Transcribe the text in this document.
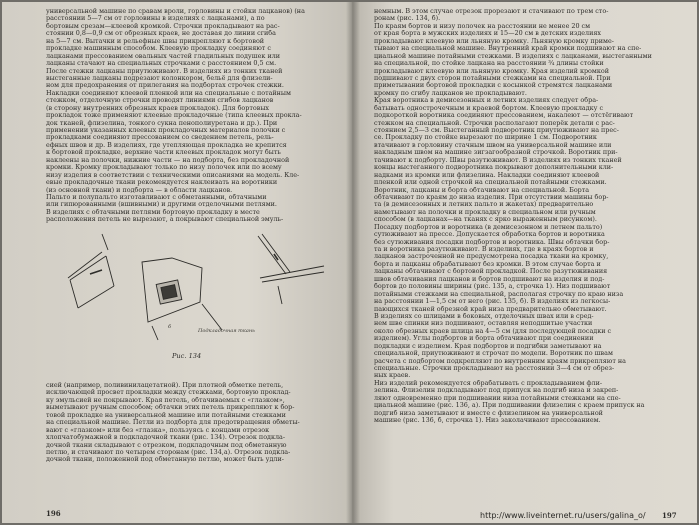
универсальной машине по сравам вроли, горловины и стойки лацканов) (на
расстоянии 5—7 см от горловины в изделиях с лацканами), а по
бортовым срезам—клеевой кромкой. Строчки прокладывают на рас-
стоянии 0,8—0,9 см от обрезных краев, не доставая до линии сгиба
на 5—7 см. Вытачки и рельефные швы прикрепляют к бортовой
прокладке машинным способом. Клеевую прокладку соединяют с
лацканами прессованием овальных частей гладильных подушек или
лацканы стачают на специальных строчками с расстоянием 0,5 см.
После стежки лацканы приутюживают. В изделиях из тонких тканей
выстеганные лацканы подрезают колонкором, бельё для флизели-
ном для предохранения от прилегания на подбортах строчек стежки.
Накладки соединяют клеевой пленкой или на специальные с потайным
стежком, отделочную строчки проводят линиями сгибов лацканов
(в сторону внутренних обрезных краев прокладок). Для бортовых
прокладок тоже применяют клеевые прокладочные (типа клеевых прокла-
док тканей, флизелина, тонкого сукна пенополиуретана и др.). При
применении указанных клеевых прокладочных материалов полочки с
прокладками соединяют прессованием со сведением петель, рель-
ефных швов и др. В изделиях, где утепляющая прокладка не крепится
к бортовой прокладке, верхние части клеевых прокладок могут быть
наклеены на полочки, нижние части — на подборта, без прокладочной
кромки. Кромку прокладывают только по низу полочек или по всему
низу изделия в соответствии с техническими описаниями на модель. Кле-
евые прокладочные ткани рекомендуется наклеивать на воротники
(из основной ткани) и подборта — в области лацканов.
Пальто и полупальто изготавливают с обметанными, обтачными
или гипюрованными (вшивными) и другими отделочными петлями.
В изделиях с обтачными петлями бортовую прокладку в месте
расположения петель не вырезают, а покрывают специальной эмуль-
б
Подкладочная ткань
Рис. 134
сией (например, поливинилацетатной). При плотной обметке петель,
исключающей просвет прокладки между стежками, бортовую проклад-
ку эмульсией не покрывают. Края петель, обтачиваемых с «глазком»,
выметывают ручным способом; обтачки этих петель прикрепляют к бор-
товой прокладке на универсальной машине или потайными стежками
на специальной машине. Петли из подборта для предотвращения обметы-
вают с «глазком» или без «глазка», пользуясь с концами отрезок
хлопчатобумажной в подкладочной ткани (рис. 134). Отрезок подкла-
дочной ткани складывают с отрезком, подкладочным под обметанную
петлю, и стачивают по четырем сторонам (рис. 134,а). Отрезок подкла-
дочной ткани, положенной под обметанную петлю, может быть удли-
196
немным. В этом случае отрезок прорезают и стачивают по трем сто-
ронам (рис. 134, б).
По краям бортов и низу полочек на расстоянии не менее 20 см
от края борта в мужских изделиях и 15—20 см в детских изделиях
прокладывают клеевую или льняную кромку. Льняную кромку приме-
тывают на специальной машине. Внутренний край кромки подшивают на спе-
циальной машине потайными стежками. В изделиях с лацканами, выстеганными
на специальной, по стойке лацкана на расстоянии ¾ длины стойки
прокладывают клеевую или льняную кромку. Края изделий кромкой
подшивают с двух сторон потайными стежками на специальной. При
приметывании бортовой прокладки с косынкой стремятся лацканами
кромку по сгибу лацканов не прокладывают.
Края воротника в демисезонных и летних изделиях следует обра-
батывать однострочечным и краевой бортом. Клеевую прокладку с
подкороткой воротника соединяют прессованием, накалеют — отстёгивают
стежком на специальной. Строчки располагают поперёк детали с рас-
стоянием 2,5—3 см. Выстеганный подворотник приутюживают на прес-
се. Прокладку по стойке вырезают по ширине 1 см. Подворотник
втачивают в горловину стачным швом на универсальной машине или
накладным швом на машине зигзагообразной строчкой. Воротник при-
тачивают к подборту. Швы разутюживают. В изделиях из тонких тканей
концы выстеганного подворотника покрывают дополнительными кли-
надками из кромки или флизелина. Накладки соединяют клеевой
пленкой или одной строчкой на специальной потайными стежками.
Воротник, лацканы и борта обтачивают на специальной. Борта
обтачивают по краям до низа изделия. При отсутствии машины бор-
та (в демисезонных и летних пальто и жакетах) предварительно
наметывают на полочки и прокладку в специальном или ручным
способом (в лацканах—на тканях с ярко выраженным рисунком).
Посадку подбортов и воротника (в демисезонном и летнем пальто)
сутюживают на прессе. Допускается обработка бортов и воротника
без сутюживания посадки подбортов и воротника. Швы обтачки бор-
та и воротника разутюживают. В изделиях, где в краях бортов и
лацканов застроченной не предусмотрена посадка ткани на кромку,
борта и лацканы обрабатывают без кромки. В этом случае борта и
лацканы обтачивают с бортовой прокладкой. После разутюживания
швов обтачивания лацканов и бортов подшивают на изделия и под-
бортов до половины ширины (рис. 135, а, строчка 1). Низ подшивают
потайными стежками на специальной, располагая строчку по краю низа
на расстоянии 1—1,5 см от него (рис. 135, б). В изделиях из легкосы-
пающихся тканей обрезной край низа предварительно обметывают.
В изделиях со шлицами в боковых, отделочных швах или в сред-
нем шве спинки низ подшивают, оставляя неподшитые участки
около обрезных краев шлица на 4—5 см (для последующей посадки с
изделием). Углы подбортов и борта обтачивают при соединении
подкладки с изделием. Края подбортов и подгибки заметывают на
специальной, приутюживают и строчат по модели. Воротник по швам
расчета с подбортом подкрепляют по внутренним краям прикрепляют на
специальные. Строчки прокладывают на расстоянии 3—4 см от обрез-
ных краев.
Низ изделий рекомендуется обрабатывать с прокладыванием фли-
зелина. Флизелин подкладывают под припуск на подгиб низа и закреп-
ляют одновременно при подшивании низа потайными стежками на спе-
циальной машине (рис. 136, а). При подшивании флизелин с краем припуск на
подгиб низа заметывают и вместе с флизелином на универсальной
машине (рис. 136, б, строчка 1). Низ заколачивают прессованием.
197
http://www.liveinternet.ru/users/galina_o/
